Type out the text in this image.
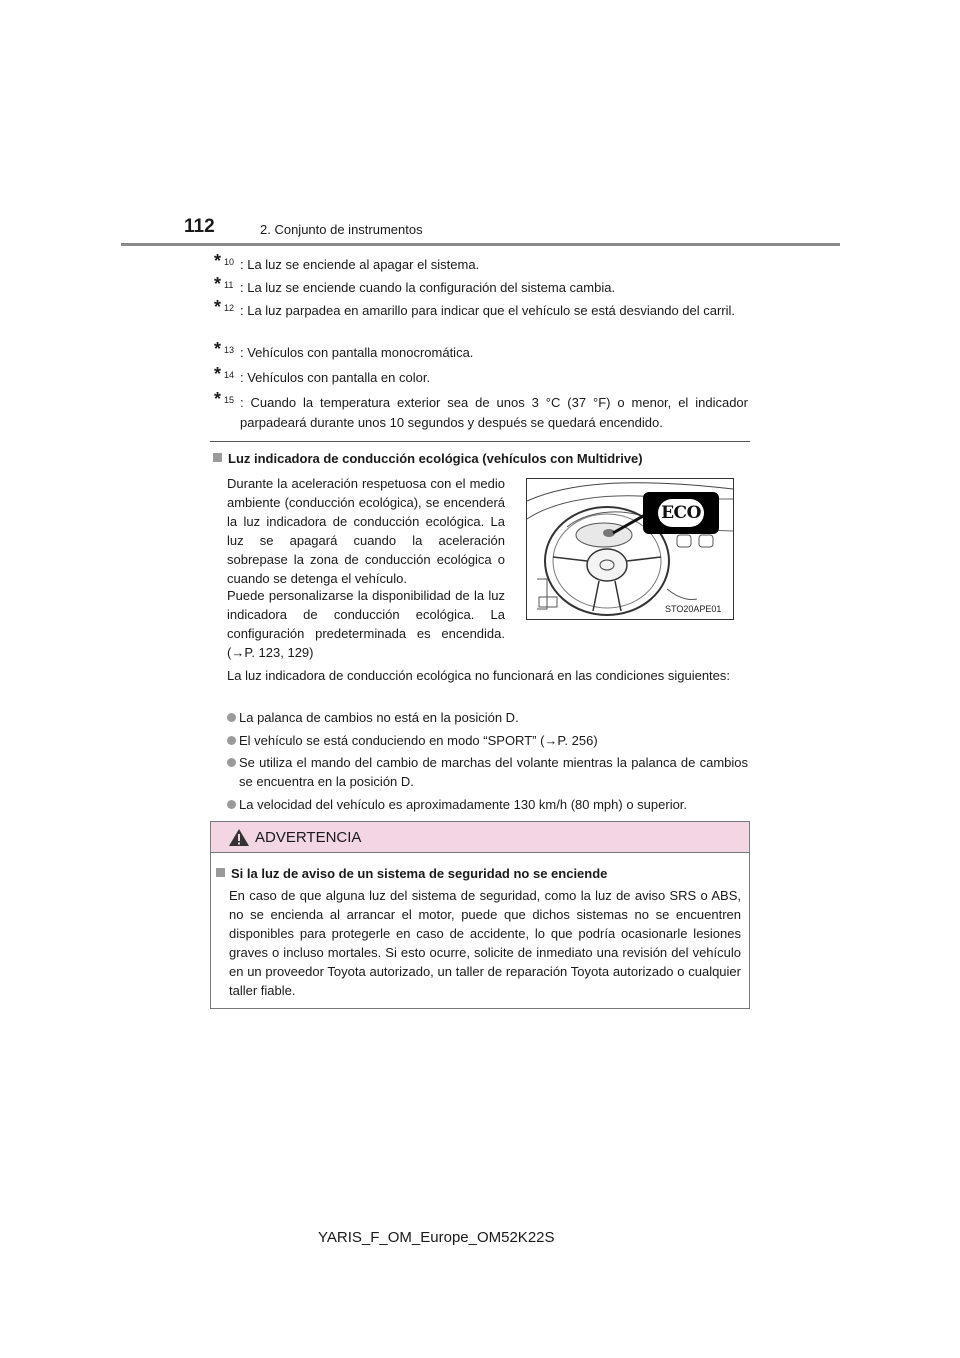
112	2. Conjunto de instrumentos
* 10 : La luz se enciende al apagar el sistema.
* 11 : La luz se enciende cuando la configuración del sistema cambia.
* 12 : La luz parpadea en amarillo para indicar que el vehículo se está desviando del carril.
* 13 : Vehículos con pantalla monocromática.
* 14 : Vehículos con pantalla en color.
* 15 : Cuando la temperatura exterior sea de unos 3 °C (37 °F) o menor, el indicador parpadeará durante unos 10 segundos y después se quedará encendido.
Luz indicadora de conducción ecológica (vehículos con Multidrive)
Durante la aceleración respetuosa con el medio ambiente (conducción ecológica), se encenderá la luz indicadora de conducción ecológica. La luz se apagará cuando la aceleración sobrepase la zona de conducción ecológica o cuando se detenga el vehículo.
Puede personalizarse la disponibilidad de la luz indicadora de conducción ecológica. La configuración predeterminada es encendida. (→P. 123, 129)
ECO
STO20APE01
La luz indicadora de conducción ecológica no funcionará en las condiciones siguientes:
La palanca de cambios no está en la posición D.
El vehículo se está conduciendo en modo “SPORT” (→P. 256)
Se utiliza el mando del cambio de marchas del volante mientras la palanca de cambios se encuentra en la posición D.
La velocidad del vehículo es aproximadamente 130 km/h (80 mph) o superior.
ADVERTENCIA
Si la luz de aviso de un sistema de seguridad no se enciende
En caso de que alguna luz del sistema de seguridad, como la luz de aviso SRS o ABS, no se encienda al arrancar el motor, puede que dichos sistemas no se encuentren disponibles para protegerle en caso de accidente, lo que podría ocasionarle lesiones graves o incluso mortales. Si esto ocurre, solicite de inmediato una revisión del vehículo en un proveedor Toyota autorizado, un taller de reparación Toyota autorizado o cualquier taller fiable.
YARIS_F_OM_Europe_OM52K22S
